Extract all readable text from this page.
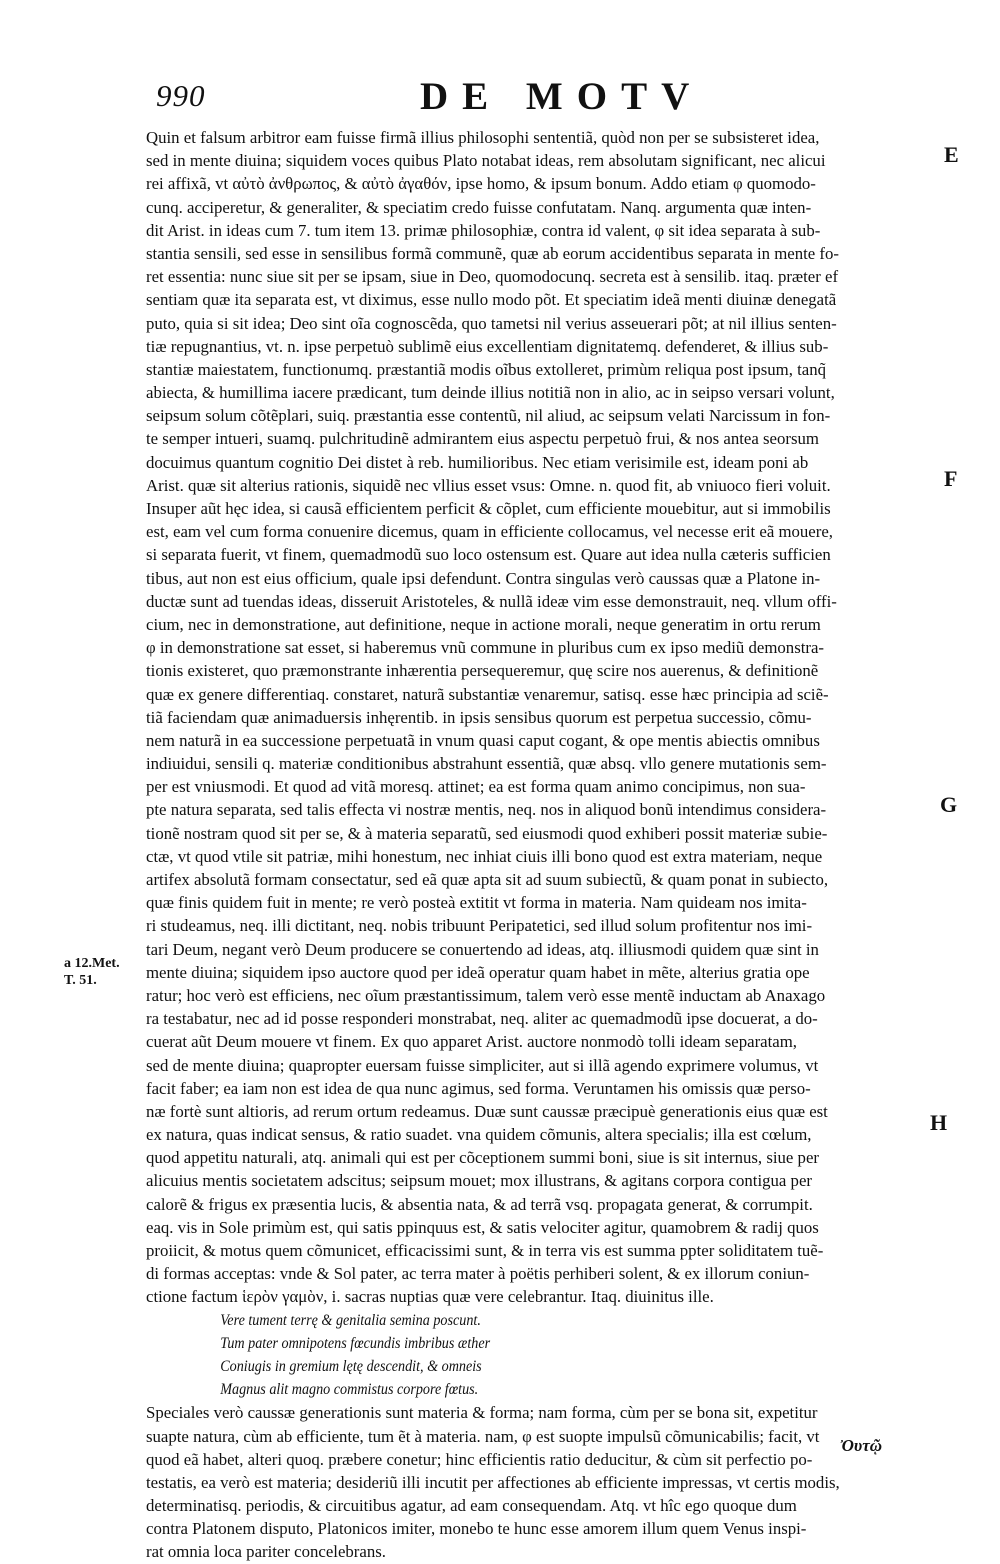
990	DE MOTV
Quin et falsum arbitror eam fuisse firmã illius philosophi sententiã, quòd non per se subsisteret idea,
sed in mente diuina; siquidem voces quibus Plato notabat ideas, rem absolutam significant, nec alicui
rei affixã, vt αὐτὸ ἀνθρωπος, & αὐτὸ ἀγαθόν, ipse homo, & ipsum bonum. Addo etiam φ quomodo-
cunq. acciperetur, & generaliter, & speciatim credo fuisse confutatam. Nanq. argumenta quæ inten-
dit Arist. in ideas cum 7. tum item 13. primæ philosophiæ, contra id valent, φ sit idea separata à sub-
stantia sensili, sed esse in sensilibus formã communẽ, quæ ab eorum accidentibus separata in mente fo-
ret essentia: nunc siue sit per se ipsam, siue in Deo, quomodocunq. secreta est à sensilib. itaq. præter ef
sentiam quæ ita separata est, vt diximus, esse nullo modo põt. Et speciatim ideã menti diuinæ denegatã
puto, quia si sit idea; Deo sint oĩa cognoscẽda, quo tametsi nil verius asseuerari põt; at nil illius senten-
tiæ repugnantius, vt. n. ipse perpetuò sublimẽ eius excellentiam dignitatemq. defenderet, & illius sub-
stantiæ maiestatem, functionumq. præstantiã modis oĩbus extolleret, primùm reliqua post ipsum, tanq̃
abiecta, & humillima iacere prædicant, tum deinde illius notitiã non in alio, ac in seipso versari volunt,
seipsum solum cõtẽplari, suiq. præstantia esse contentũ, nil aliud, ac seipsum velati Narcissum in fon-
te semper intueri, suamq. pulchritudinẽ admirantem eius aspectu perpetuò frui, & nos antea seorsum
docuimus quantum cognitio Dei distet à reb. humilioribus. Nec etiam verisimile est, ideam poni ab
Arist. quæ sit alterius rationis, siquidẽ nec vllius esset vsus: Omne. n. quod fit, ab vniuoco fieri voluit.
Insuper aũt hęc idea, si causã efficientem perficit & cõplet, cum efficiente mouebitur, aut si immobilis
est, eam vel cum forma conuenire dicemus, quam in efficiente collocamus, vel necesse erit eã mouere,
si separata fuerit, vt finem, quemadmodũ suo loco ostensum est. Quare aut idea nulla cæteris sufficien
tibus, aut non est eius officium, quale ipsi defendunt. Contra singulas verò caussas quæ a Platone in-
ductæ sunt ad tuendas ideas, disseruit Aristoteles, & nullã ideæ vim esse demonstrauit, neq. vllum offi-
cium, nec in demonstratione, aut definitione, neque in actione morali, neque generatim in ortu rerum
φ in demonstratione sat esset, si haberemus vnũ commune in pluribus cum ex ipso mediũ demonstra-
tionis existeret, quo præmonstrante inhærentia persequeremur, quę scire nos auerenus, & definitionẽ
quæ ex genere differentiaq. constaret, naturã substantiæ venaremur, satisq. esse hæc principia ad sciẽ-
tiã faciendam quæ animaduersis inhęrentib. in ipsis sensibus quorum est perpetua successio, cõmu-
nem naturã in ea successione perpetuatã in vnum quasi caput cogant, & ope mentis abiectis omnibus
indiuidui, sensili q. materiæ conditionibus abstrahunt essentiã, quæ absq. vllo genere mutationis sem-
per est vniusmodi. Et quod ad vitã moresq. attinet; ea est forma quam animo concipimus, non sua-
pte natura separata, sed talis effecta vi nostræ mentis, neq. nos in aliquod bonũ intendimus considera-
tionẽ nostram quod sit per se, & à materia separatũ, sed eiusmodi quod exhiberi possit materiæ subie-
ctæ, vt quod vtile sit patriæ, mihi honestum, nec inhiat ciuis illi bono quod est extra materiam, neque
artifex absolutã formam consectatur, sed eã quæ apta sit ad suum subiectũ, & quam ponat in subiecto,
quæ finis quidem fuit in mente; re verò posteà extitit vt forma in materia. Nam quideam nos imita-
ri studeamus, neq. illi dictitant, neq. nobis tribuunt Peripatetici, sed illud solum profitentur nos imi-
tari Deum, negant verò Deum producere se conuertendo ad ideas, atq. illiusmodi quidem quæ sint in
mente diuina; siquidem ipso auctore quod per ideã operatur quam habet in mẽte, alterius gratia ope
ratur; hoc verò est efficiens, nec oĩum præstantissimum, talem verò esse mentẽ inductam ab Anaxago
ra testabatur, nec ad id posse responderi monstrabat, neq. aliter ac quemadmodũ ipse docuerat, a do-
cuerat aũt Deum mouere vt finem. Ex quo apparet Arist. auctore nonmodò tolli ideam separatam,
sed de mente diuina; quapropter euersam fuisse simpliciter, aut si illã agendo exprimere volumus, vt
facit faber; ea iam non est idea de qua nunc agimus, sed forma. Veruntamen his omissis quæ perso-
næ fortè sunt altioris, ad rerum ortum redeamus. Duæ sunt caussæ præcipuè generationis eius quæ est
ex natura, quas indicat sensus, & ratio suadet. vna quidem cõmunis, altera specialis; illa est cœlum,
quod appetitu naturali, atq. animali qui est per cõceptionem summi boni, siue is sit internus, siue per
alicuius mentis societatem adscitus; seipsum mouet; mox illustrans, & agitans corpora contigua per
calorẽ & frigus ex præsentia lucis, & absentia nata, & ad terrã vsq. propagata generat, & corrumpit.
eaq. vis in Sole primùm est, qui satis ppinquus est, & satis velociter agitur, quamobrem & radij quos
proiicit, & motus quem cõmunicet, efficacissimi sunt, & in terra vis est summa ppter soliditatem tuẽ-
di formas acceptas: vnde & Sol pater, ac terra mater à poëtis perhiberi solent, & ex illorum coniun-
ctione factum ἱερὸν γαμὸν, i. sacras nuptias quæ vere celebrantur. Itaq. diuinitus ille.
Vere tument terrę & genitalia semina poscunt.
Tum pater omnipotens fœcundis imbribus æther
Coniugis in gremium lętę descendit, & omneis
Magnus alit magno commistus corpore fœtus.
Speciales verò caussæ generationis sunt materia & forma; nam forma, cùm per se bona sit, expetitur
suapte natura, cùm ab efficiente, tum ẽt à materia. nam, φ est suopte impulsũ cõmunicabilis; facit, vt
quod eã habet, alteri quoq. præbere conetur; hinc efficientis ratio deducitur, & cùm sit perfectio po-
testatis, ea verò est materia; desideriũ illi incutit per affectiones ab efficiente impressas, vt certis modis,
determinatisq. periodis, & circuitibus agatur, ad eam consequendam. Atq. vt hîc ego quoque dum
contra Platonem disputo, Platonicos imiter, monebo te hunc esse amorem illum quem Venus inspi-
rat omnia loca pariter concelebrans.
E
F
G
H
a 12.Met.
T. 51.
Ὀυτῷ
